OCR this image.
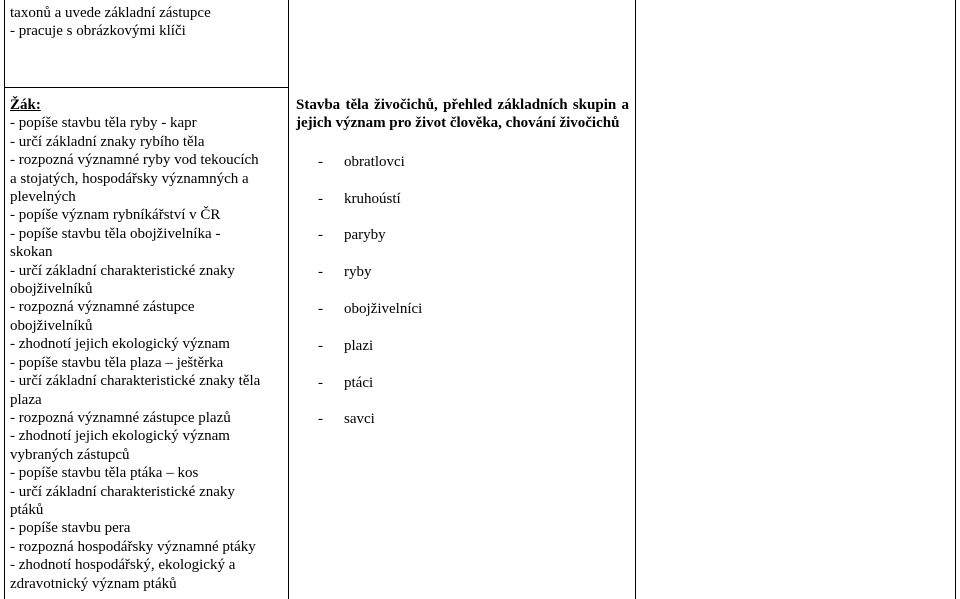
taxonů a uvede základní zástupce
- pracuje s obrázkovými klíči
Žák:
- popíše stavbu těla ryby - kapr
- určí základní znaky rybího těla
- rozpozná významné ryby vod tekoucích
a stojatých, hospodářsky významných a
plevelných
- popíše význam rybníkářství v ČR
- popíše stavbu těla obojživelníka -
skokan
- určí základní charakteristické znaky
obojživelníků
- rozpozná významné zástupce
obojživelníků
- zhodnotí jejich ekologický význam
- popíše stavbu těla plaza – ještěrka
- určí základní charakteristické znaky těla
plaza
- rozpozná významné zástupce plazů
- zhodnotí jejich ekologický význam
vybraných zástupců
- popíše stavbu těla ptáka – kos
- určí základní charakteristické znaky
ptáků
- popíše stavbu pera
- rozpozná hospodářsky významné ptáky
- zhodnotí hospodářský, ekologický a
zdravotnický význam ptáků
Stavba těla živočichů, přehled základních skupin a jejich význam pro život člověka, chování živočichů
- obratlovci
- kruhoústí
- paryby
- ryby
- obojživelníci
- plazi
- ptáci
- savci
